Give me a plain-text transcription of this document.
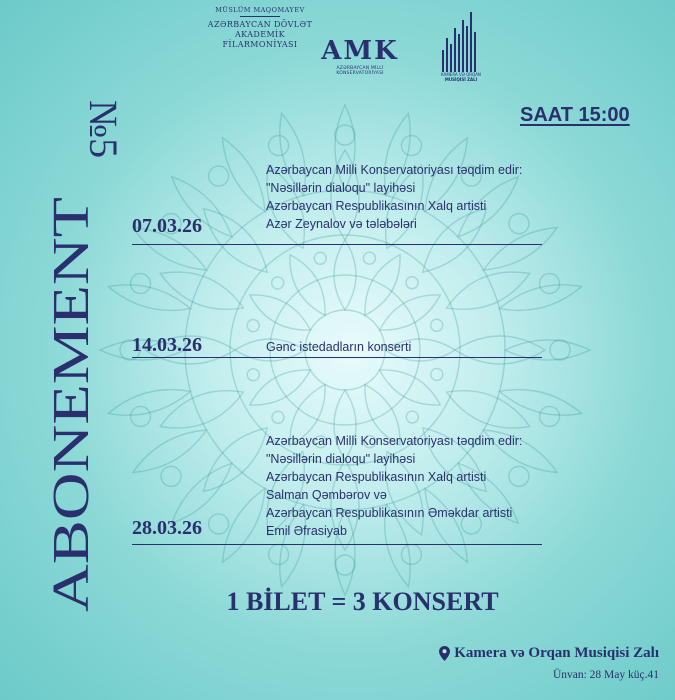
MÜSLÜM MAQOMAYEV
AZƏRBAYCAN DÖVLƏT
AKADEMİK
FİLARMONİYASI AMK
AZƏRBAYCAN MİLLİ KONSERVATORİYASI	KAMERA VƏ ORQAN
MUSİQİSİ ZALI
№5
ABONEMENT
SAAT 15:00
07.03.26
Azərbaycan Milli Konservatoriyası təqdim edir:
"Nəsillərin dialoqu" layihəsi
Azərbaycan Respublikasının Xalq artisti
Azər Zeynalov və tələbələri
14.03.26	Gənc istedadların konserti
28.03.26
Azərbaycan Milli Konservatoriyası təqdim edir:
"Nəsillərin dialoqu" layihəsi
Azərbaycan Respublikasının Xalq artisti
Salman Qəmbərov və
Azərbaycan Respublikasının Əməkdar artisti
Emil Əfrasiyab
1 BİLET = 3 KONSERT
Kamera və Orqan Musiqisi Zalı
Ünvan: 28 May küç.41
